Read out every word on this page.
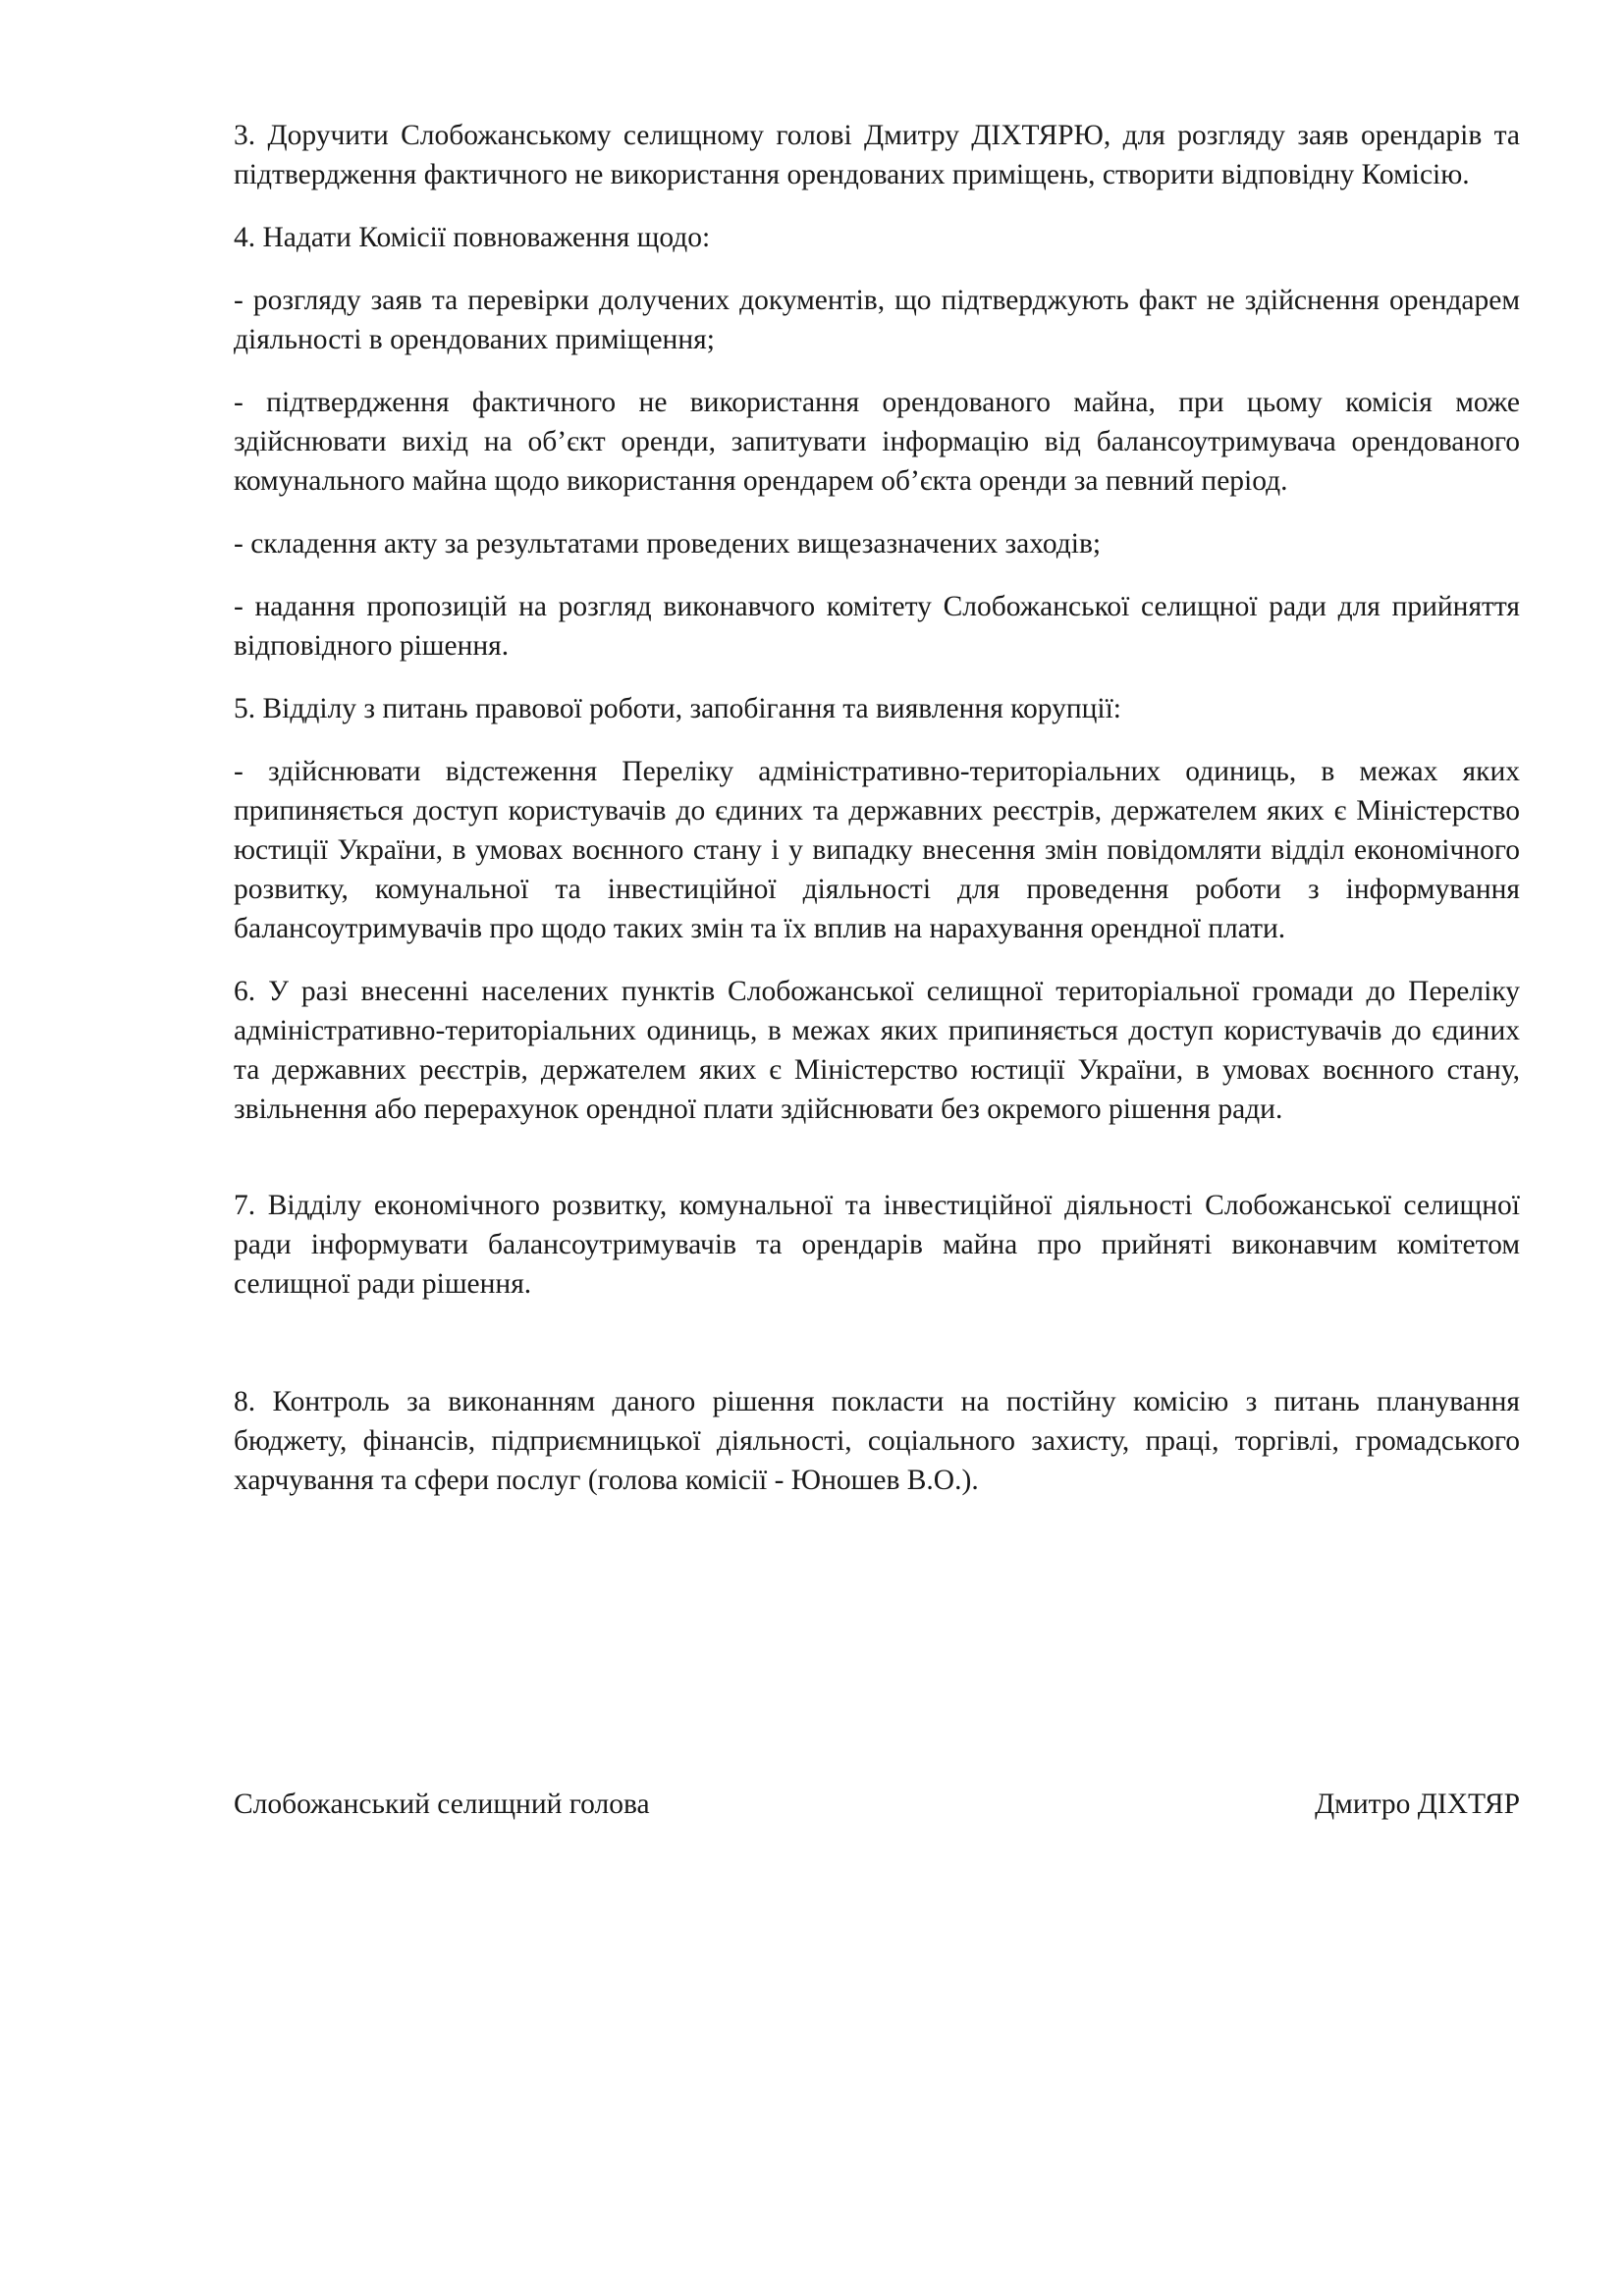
3. Доручити Слобожанському селищному голові Дмитру ДІХТЯРЮ, для розгляду заяв орендарів та підтвердження фактичного не використання орендованих приміщень, створити відповідну Комісію.

4. Надати Комісії повноваження щодо:

- розгляду заяв та перевірки долучених документів, що підтверджують факт не здійснення орендарем діяльності в орендованих приміщення;

- підтвердження фактичного не використання орендованого майна, при цьому комісія може здійснювати вихід на об’єкт оренди, запитувати інформацію від балансоутримувача орендованого комунального майна щодо використання орендарем об’єкта оренди за певний період.

- складення акту за результатами проведених вищезазначених заходів;

- надання пропозицій на розгляд виконавчого комітету Слобожанської селищної ради для прийняття відповідного рішення.

5. Відділу з питань правової роботи, запобігання та виявлення корупції:

- здійснювати відстеження Переліку адміністративно-територіальних одиниць, в межах яких припиняється доступ користувачів до єдиних та державних реєстрів, держателем яких є Міністерство юстиції України, в умовах воєнного стану і у випадку внесення змін повідомляти відділ економічного розвитку, комунальної та інвестиційної діяльності для проведення роботи з інформування балансоутримувачів про щодо таких змін та їх вплив на нарахування орендної плати.

6. У разі внесенні населених пунктів Слобожанської селищної територіальної громади до Переліку адміністративно-територіальних одиниць, в межах яких припиняється доступ користувачів до єдиних та державних реєстрів, держателем яких є Міністерство юстиції України, в умовах воєнного стану, звільнення або перерахунок орендної плати здійснювати без окремого рішення ради.

7. Відділу економічного розвитку, комунальної та інвестиційної діяльності Слобожанської селищної ради інформувати балансоутримувачів та орендарів майна про прийняті виконавчим комітетом селищної ради рішення.

8. Контроль за виконанням даного рішення покласти на постійну комісію з питань планування бюджету, фінансів, підприємницької діяльності, соціального захисту, праці, торгівлі, громадського харчування та сфери послуг (голова комісії - Юношев В.О.).

Слобожанський селищний голова	Дмитро ДІХТЯР
